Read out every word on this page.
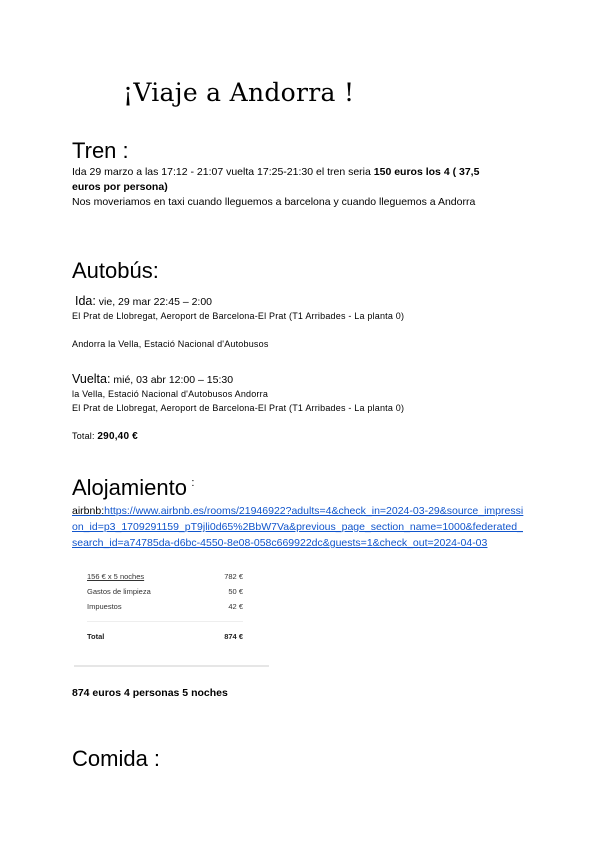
¡Viaje a Andorra !
Tren :
Ida 29 marzo a las 17:12 - 21:07 vuelta 17:25-21:30 el tren seria 150 euros los 4 ( 37,5
euros por persona)
Nos moveriamos en taxi cuando lleguemos a barcelona y cuando lleguemos a Andorra
Autobús:
Ida: vie, 29 mar 22:45 – 2:00
El Prat de Llobregat, Aeroport de Barcelona-El Prat (T1 Arribades - La planta 0)
Andorra la Vella, Estació Nacional d'Autobusos
Vuelta: mié, 03 abr 12:00 – 15:30
la Vella, Estació Nacional d'Autobusos Andorra
El Prat de Llobregat, Aeroport de Barcelona-El Prat (T1 Arribades - La planta 0)
Total: 290,40 €
Alojamiento :
airbnb:https://www.airbnb.es/rooms/21946922?adults=4&check_in=2024-03-29&source_impression_id=p3_1709291159_pT9jli0d65%2BbW7Va&previous_page_section_name=1000&federated_search_id=a74785da-d6bc-4550-8e08-058c669922dc&guests=1&check_out=2024-04-03
156 € x 5 noches	782 €
Gastos de limpieza	50 €
Impuestos	42 €
Total	874 €
874 euros 4 personas 5 noches
Comida :
